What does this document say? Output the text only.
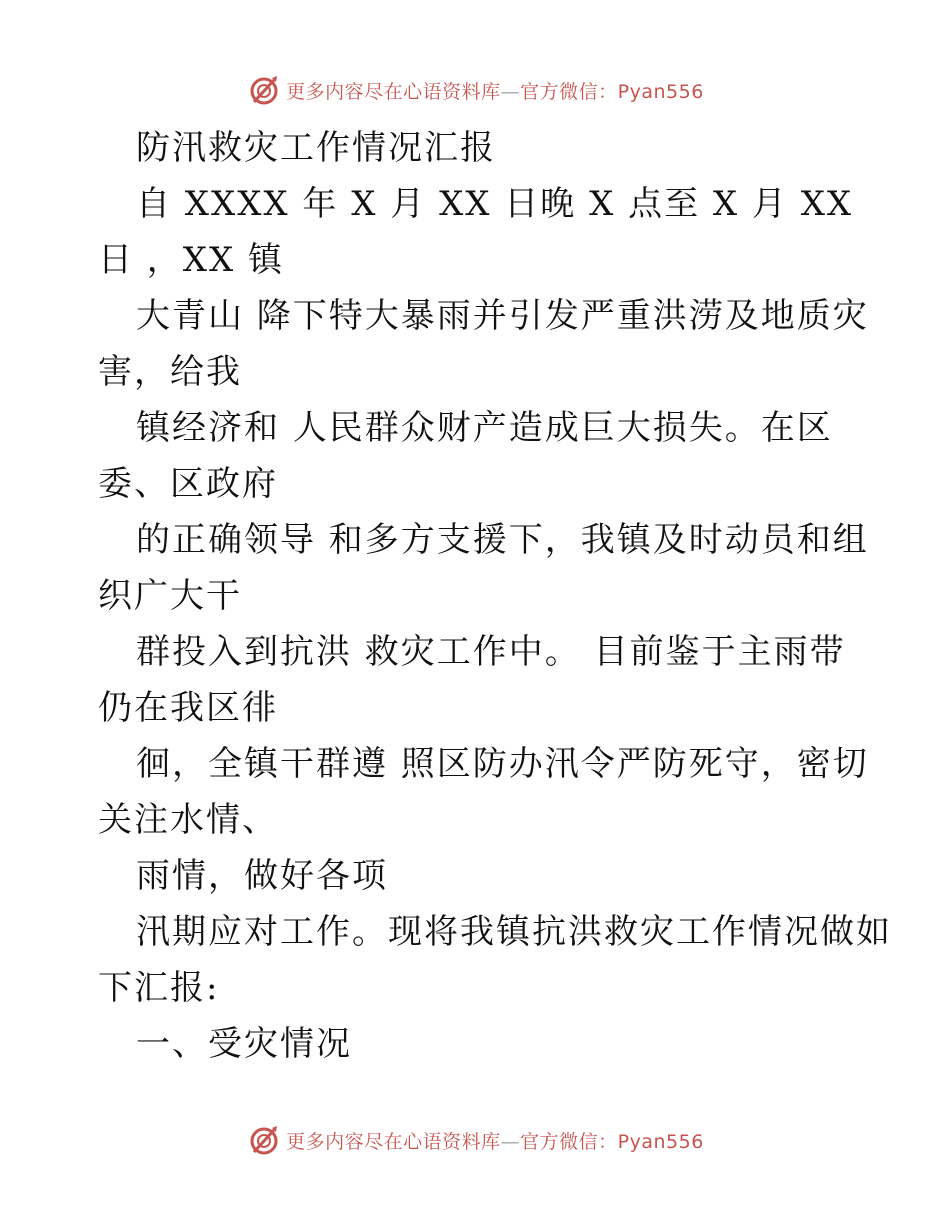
更多内容尽在心语资料库—官方微信：Pyan556

防汛救灾工作情况汇报

自 XXXX 年 X 月 XX 日晚 X 点至 X 月 XX
日 ，XX 镇

大青山 降下特大暴雨并引发严重洪涝及地质灾
害，给我

镇经济和 人民群众财产造成巨大损失。在区
委、区政府

的正确领导 和多方支援下，我镇及时动员和组
织广大干

群投入到抗洪 救灾工作中。 目前鉴于主雨带
仍在我区徘

徊，全镇干群遵 照区防办汛令严防死守，密切
关注水情、

雨情，做好各项

汛期应对工作。现将我镇抗洪救灾工作情况做如
下汇报:

一、受灾情况

更多内容尽在心语资料库—官方微信：Pyan556
